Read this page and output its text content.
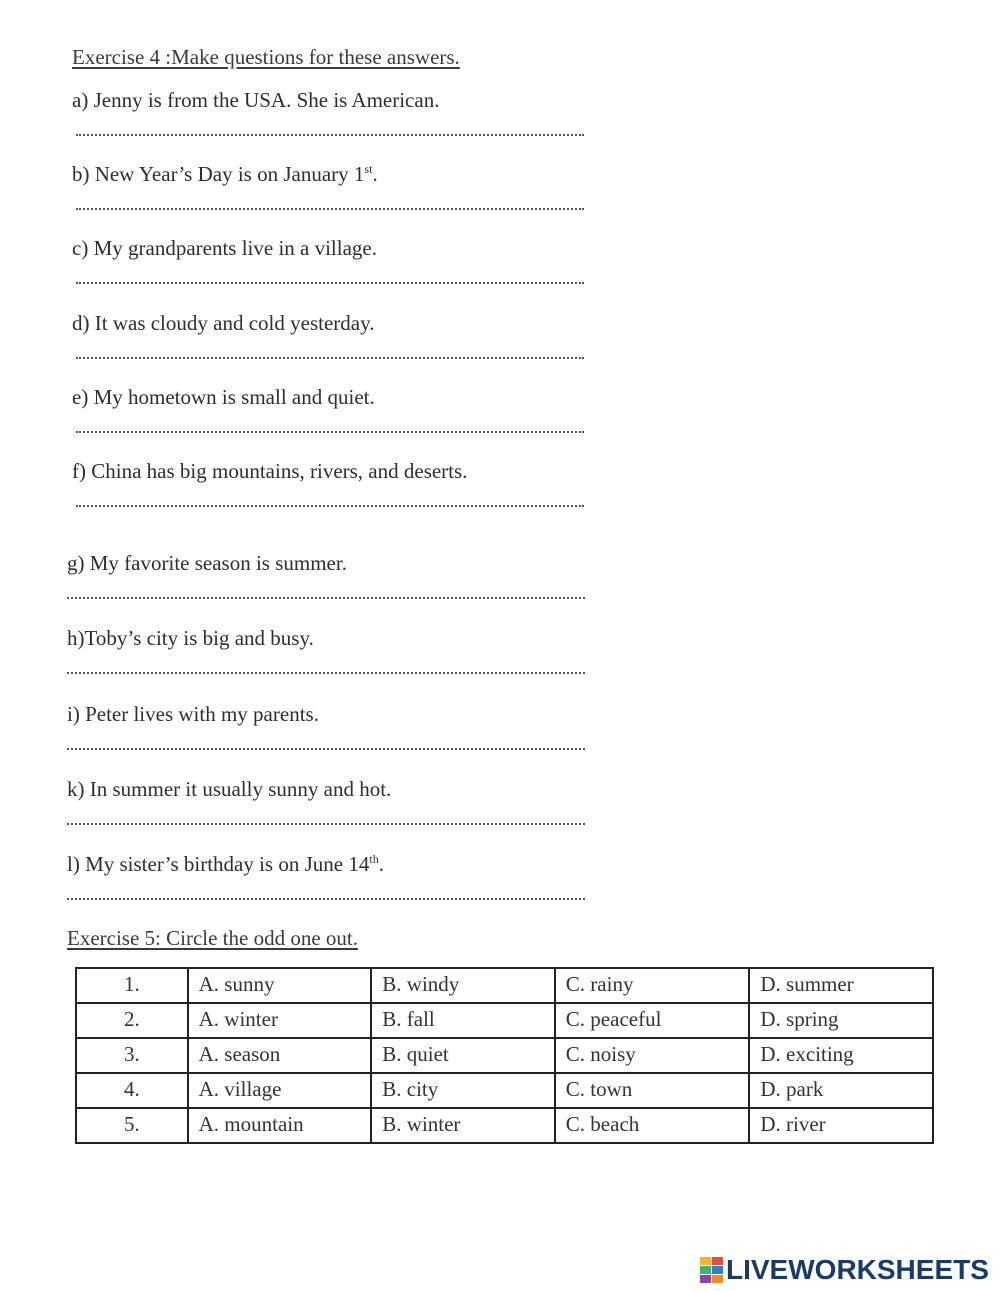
Exercise 4 :Make questions for these answers.
a) Jenny is from the USA. She is American.
b) New Year’s Day is on January 1st.
c) My grandparents live in a village.
d) It was cloudy and cold yesterday.
e) My hometown is small and quiet.
f) China has big mountains, rivers, and deserts.
g) My favorite season is summer.
h)Toby’s city is big and busy.
i) Peter lives with my parents.
k) In summer it usually sunny and hot.
l) My sister’s birthday is on June 14th.
Exercise 5: Circle the odd one out.
1.	A. sunny	B. windy	C. rainy	D. summer
2.	A. winter	B. fall	C. peaceful	D. spring
3.	A. season	B. quiet	C. noisy	D. exciting
4.	A. village	B. city	C. town	D. park
5.	A. mountain	B. winter	C. beach	D. river
LIVEWORKSHEETS
